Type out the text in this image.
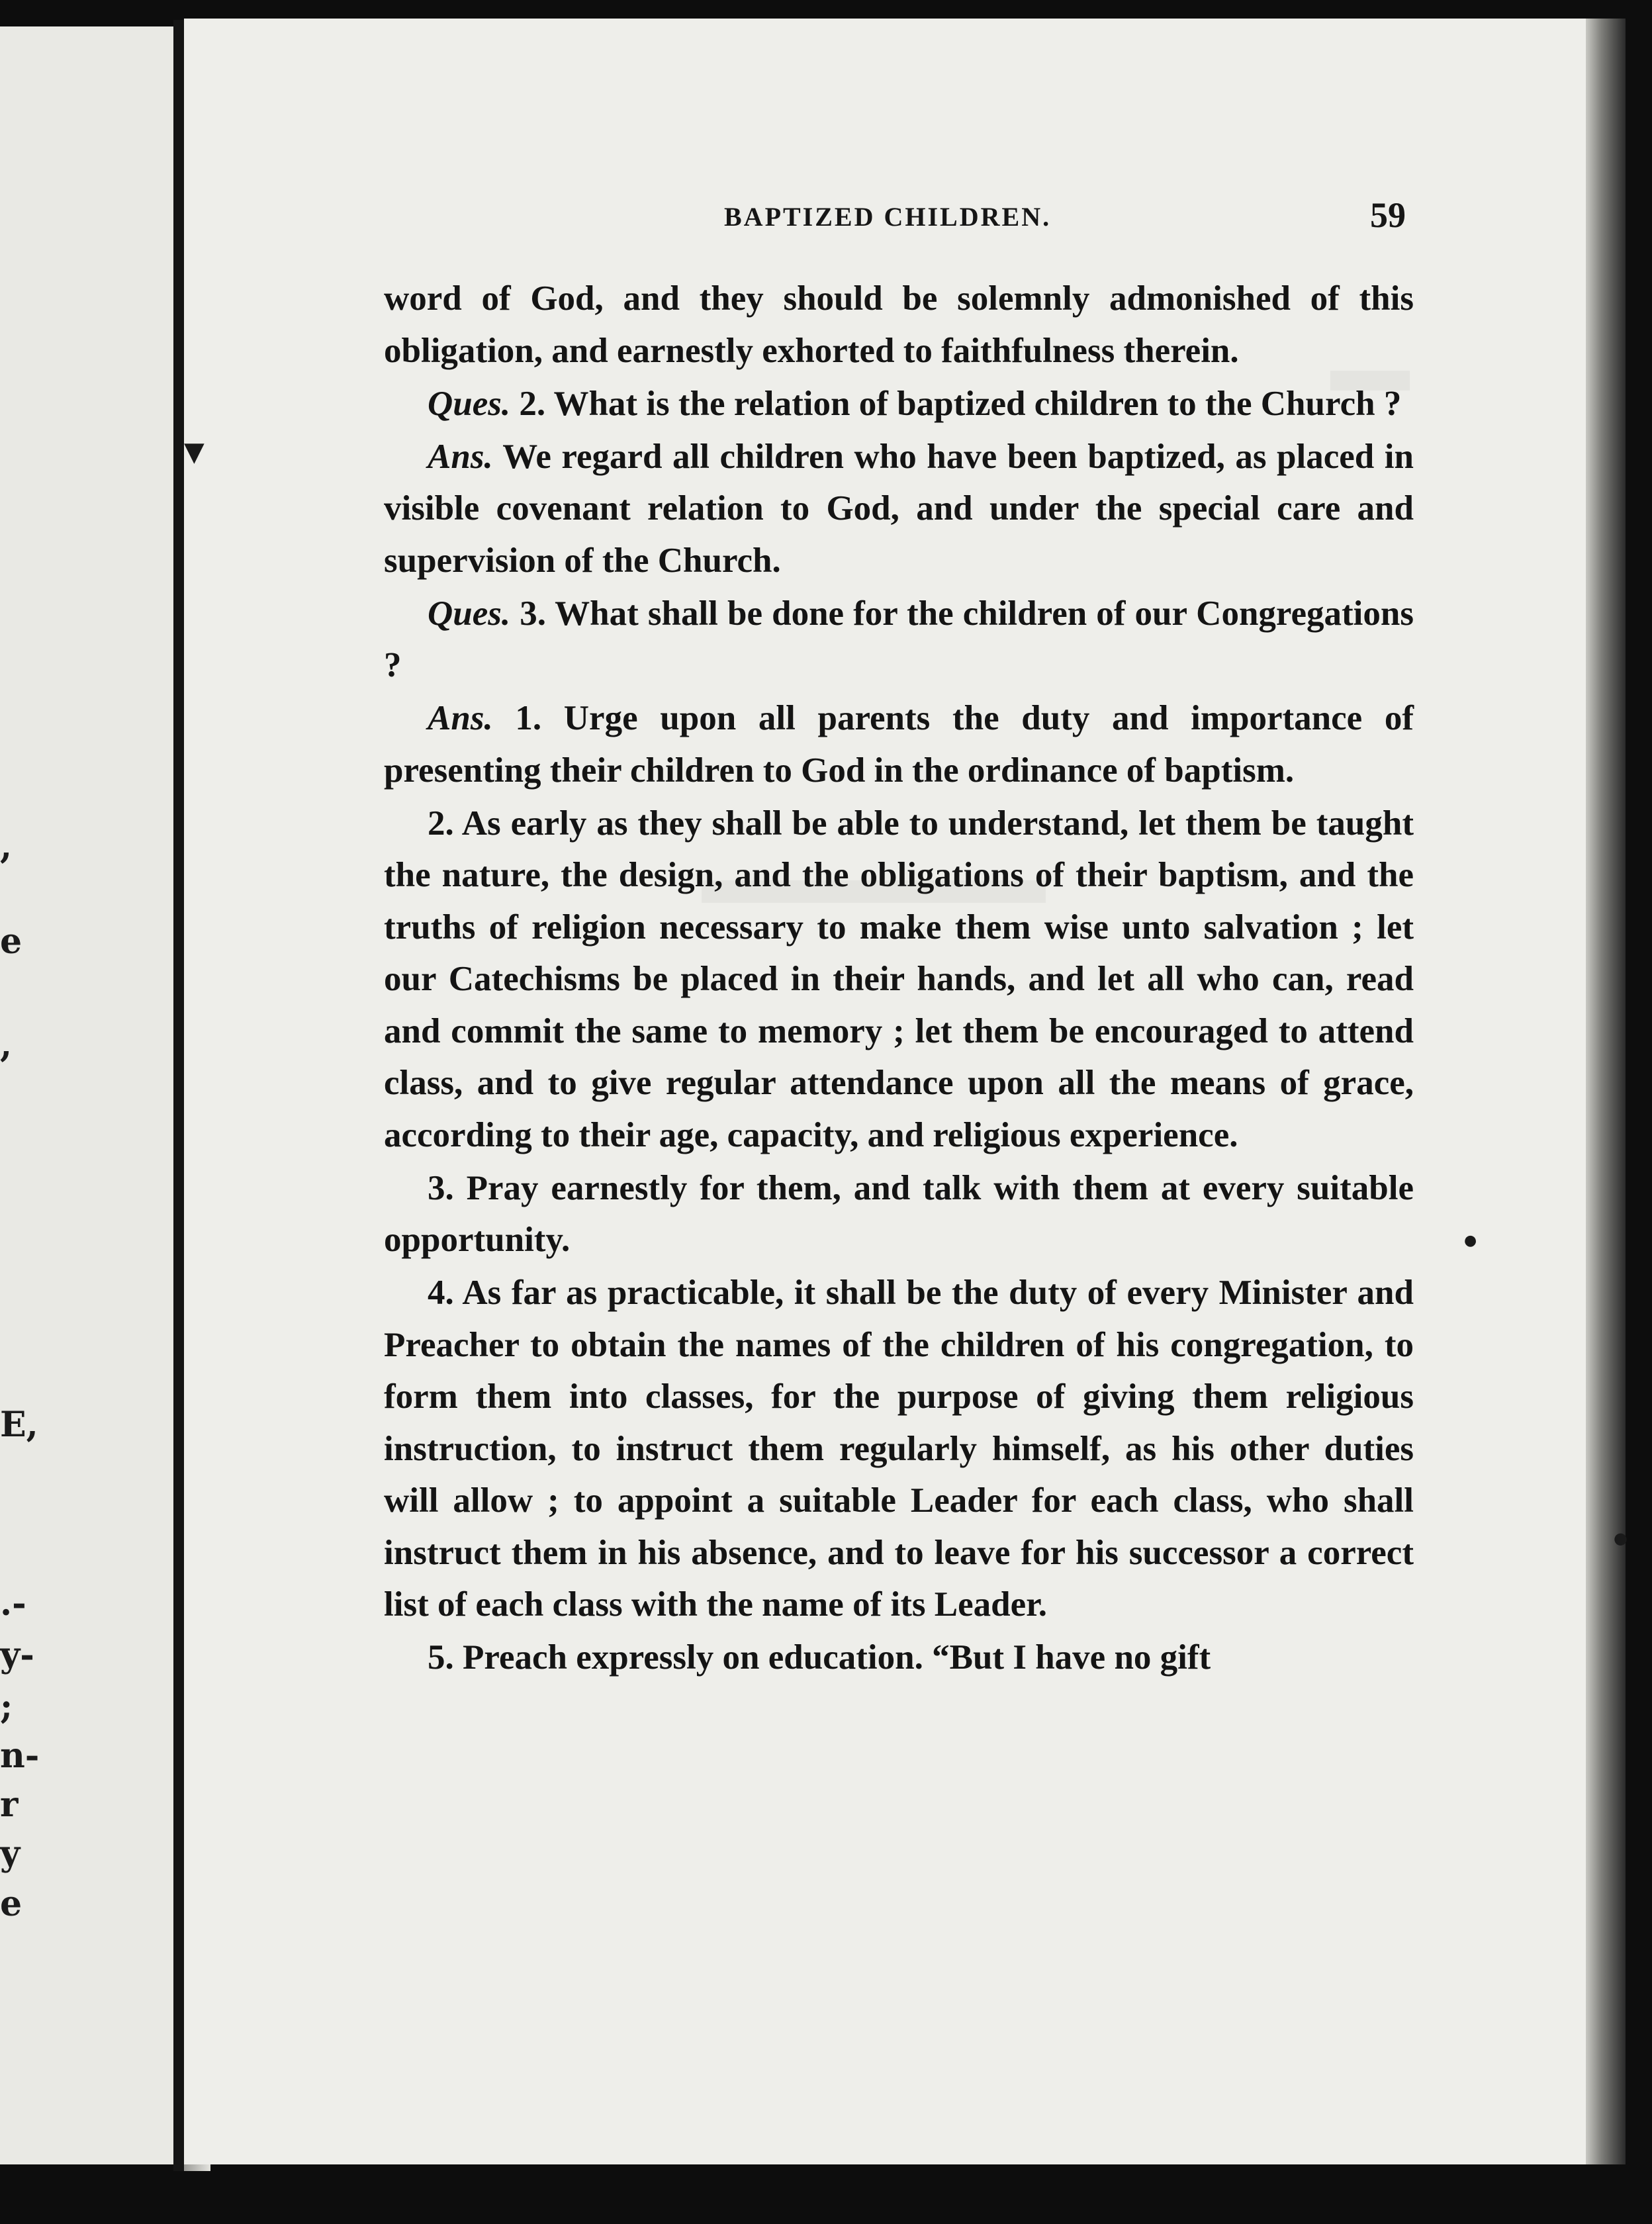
,
e
,
E,
.-
y-
;
n-
r
y
e
▼
●
●
BAPTIZED CHILDREN.	59

word of God, and they should be solemnly admonished of this obligation, and earnestly exhorted to faithfulness therein.

Ques. 2. What is the relation of baptized children to the Church ?

Ans. We regard all children who have been baptized, as placed in visible covenant relation to God, and under the special care and supervision of the Church.

Ques. 3. What shall be done for the children of our Congregations ?

Ans. 1. Urge upon all parents the duty and importance of presenting their children to God in the ordinance of baptism.

2. As early as they shall be able to understand, let them be taught the nature, the design, and the obligations of their baptism, and the truths of religion necessary to make them wise unto salvation ; let our Catechisms be placed in their hands, and let all who can, read and commit the same to memory ; let them be encouraged to attend class, and to give regular attendance upon all the means of grace, according to their age, capacity, and religious experience.

3. Pray earnestly for them, and talk with them at every suitable opportunity.

4. As far as practicable, it shall be the duty of every Minister and Preacher to obtain the names of the children of his congregation, to form them into classes, for the purpose of giving them religious instruction, to instruct them regularly himself, as his other duties will allow ; to appoint a suitable Leader for each class, who shall instruct them in his absence, and to leave for his successor a correct list of each class with the name of its Leader.

5. Preach expressly on education. “But I have no gift
